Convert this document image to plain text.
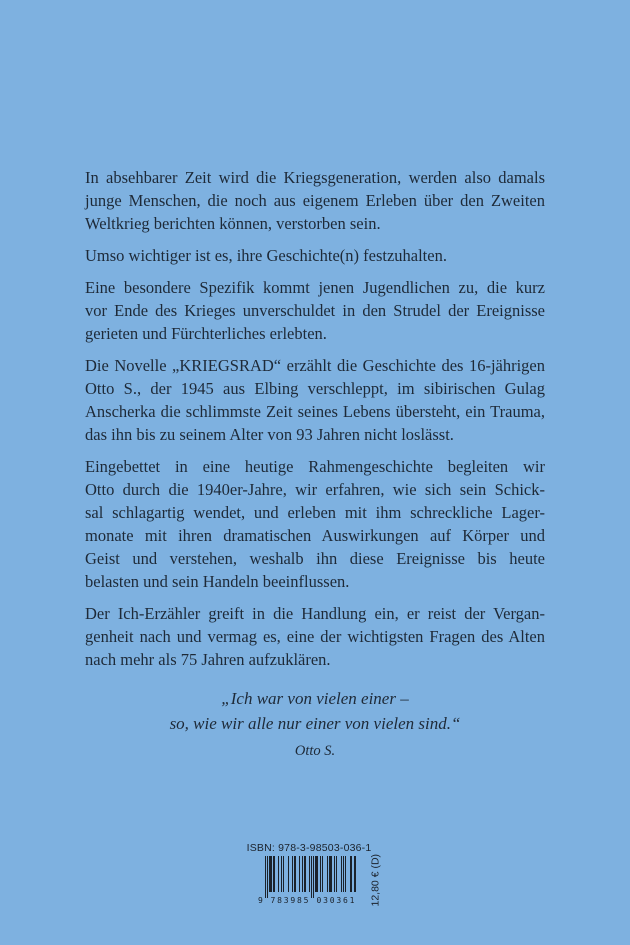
In absehbarer Zeit wird die Kriegsgeneration, werden also damals
junge Menschen, die noch aus eigenem Erleben über den Zweiten
Weltkrieg berichten können, verstorben sein.

Umso wichtiger ist es, ihre Geschichte(n) festzuhalten.

Eine besondere Spezifik kommt jenen Jugendlichen zu, die kurz
vor Ende des Krieges unverschuldet in den Strudel der Ereignisse
gerieten und Fürchterliches erlebten.

Die Novelle „KRIEGSRAD“ erzählt die Geschichte des 16-jährigen
Otto S., der 1945 aus Elbing verschleppt, im sibirischen Gulag
Anscherka die schlimmste Zeit seines Lebens übersteht, ein Trauma,
das ihn bis zu seinem Alter von 93 Jahren nicht loslässt.

Eingebettet in eine heutige Rahmengeschichte begleiten wir
Otto durch die 1940er-Jahre, wir erfahren, wie sich sein Schick-
sal schlagartig wendet, und erleben mit ihm schreckliche Lager-
monate mit ihren dramatischen Auswirkungen auf Körper und
Geist und verstehen, weshalb ihn diese Ereignisse bis heute
belasten und sein Handeln beeinflussen.

Der Ich-Erzähler greift in die Handlung ein, er reist der Vergan-
genheit nach und vermag es, eine der wichtigsten Fragen des Alten
nach mehr als 75 Jahren aufzuklären.

„Ich war von vielen einer –
so, wie wir alle nur einer von vielen sind.“
Otto S.
ISBN: 978-3-98503-036-1
9 783985 030361 12,80 € (D)
